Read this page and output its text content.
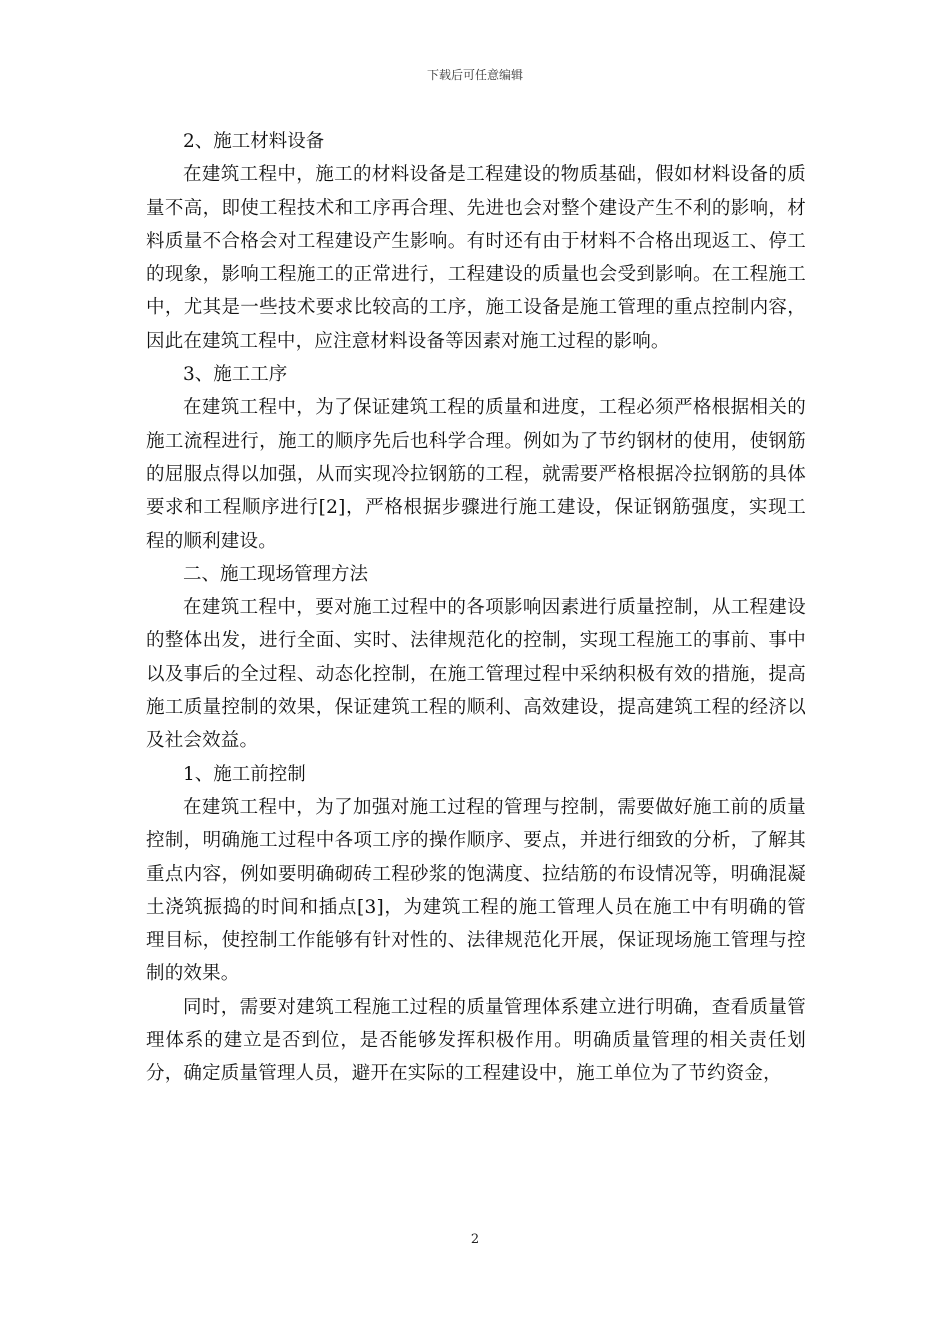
下载后可任意编辑

2、施工材料设备

在建筑工程中，施工的材料设备是工程建设的物质基础，假如材料设备的质量不高，即使工程技术和工序再合理、先进也会对整个建设产生不利的影响，材料质量不合格会对工程建设产生影响。有时还有由于材料不合格出现返工、停工的现象，影响工程施工的正常进行，工程建设的质量也会受到影响。在工程施工中，尤其是一些技术要求比较高的工序，施工设备是施工管理的重点控制内容，因此在建筑工程中，应注意材料设备等因素对施工过程的影响。

3、施工工序

在建筑工程中，为了保证建筑工程的质量和进度，工程必须严格根据相关的施工流程进行，施工的顺序先后也科学合理。例如为了节约钢材的使用，使钢筋的屈服点得以加强，从而实现冷拉钢筋的工程，就需要严格根据冷拉钢筋的具体要求和工程顺序进行[2]，严格根据步骤进行施工建设，保证钢筋强度，实现工程的顺利建设。

二、施工现场管理方法

在建筑工程中，要对施工过程中的各项影响因素进行质量控制，从工程建设的整体出发，进行全面、实时、法律规范化的控制，实现工程施工的事前、事中以及事后的全过程、动态化控制，在施工管理过程中采纳积极有效的措施，提高施工质量控制的效果，保证建筑工程的顺利、高效建设，提高建筑工程的经济以及社会效益。

1、施工前控制

在建筑工程中，为了加强对施工过程的管理与控制，需要做好施工前的质量控制，明确施工过程中各项工序的操作顺序、要点，并进行细致的分析，了解其重点内容，例如要明确砌砖工程砂浆的饱满度、拉结筋的布设情况等，明确混凝土浇筑振捣的时间和插点[3]，为建筑工程的施工管理人员在施工中有明确的管理目标，使控制工作能够有针对性的、法律规范化开展，保证现场施工管理与控制的效果。

同时，需要对建筑工程施工过程的质量管理体系建立进行明确，查看质量管理体系的建立是否到位，是否能够发挥积极作用。明确质量管理的相关责任划分，确定质量管理人员，避开在实际的工程建设中，施工单位为了节约资金，

2
